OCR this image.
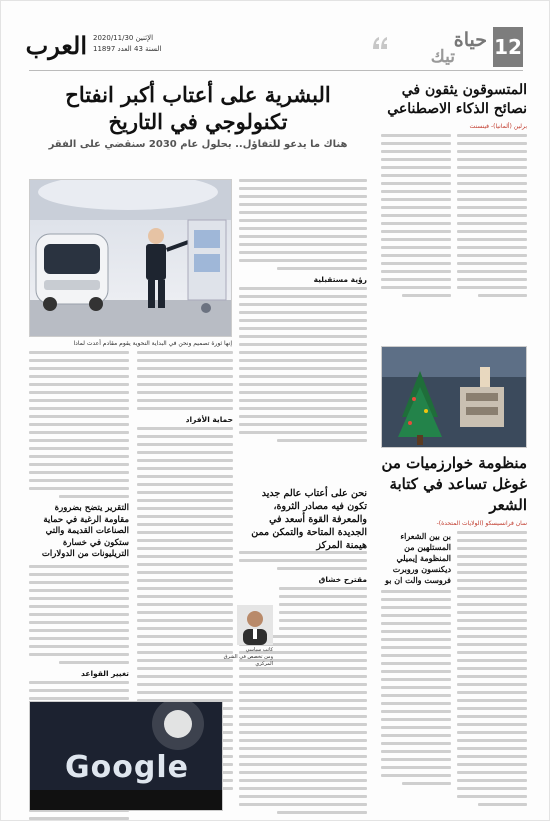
12
حياة
تيك
العرب الإثنين 2020/11/30
السنة 43 العدد 11897
البشرية على أعتاب أكبر انفتاح تكنولوجي في التاريخ
هناك ما يدعو للتفاؤل.. بحلول عام 2030 سنقضي على الفقر
إنها ثورة تصميم ونحن في البداية النحوية يقوم مقادم أعدت لمادا
رؤية مستقبلية
نحن على أعتاب عالم جديد تكون فيه مصادر الثروة، والمعرفة القوة أسعد في الجديدة المتاحة والتمكن ممن هيمنة المركز
حماية الأفراد
التقرير يتضح بضرورة مقاومة الرغبة في حماية الصناعات القديمة والتي ستكون في خسارة التريليونات من الدولارات
تغيير القواعد
مقترح خشاق
كاتب سياسي
ومن تخصص في الشرق المركزي
المتسوقون يثقون في نصائح الذكاء الاصطناعي
برلين (ألمانيا)- فينسنت
منظومة خوارزميات من غوغل تساعد في كتابة الشعر
سان فرانسيسكو (الولايات المتحدة)-
بن بين الشعراء المستلهين من المنظومة إيميلي ديكنسون وروبرت فروست والت ان بو
Google
